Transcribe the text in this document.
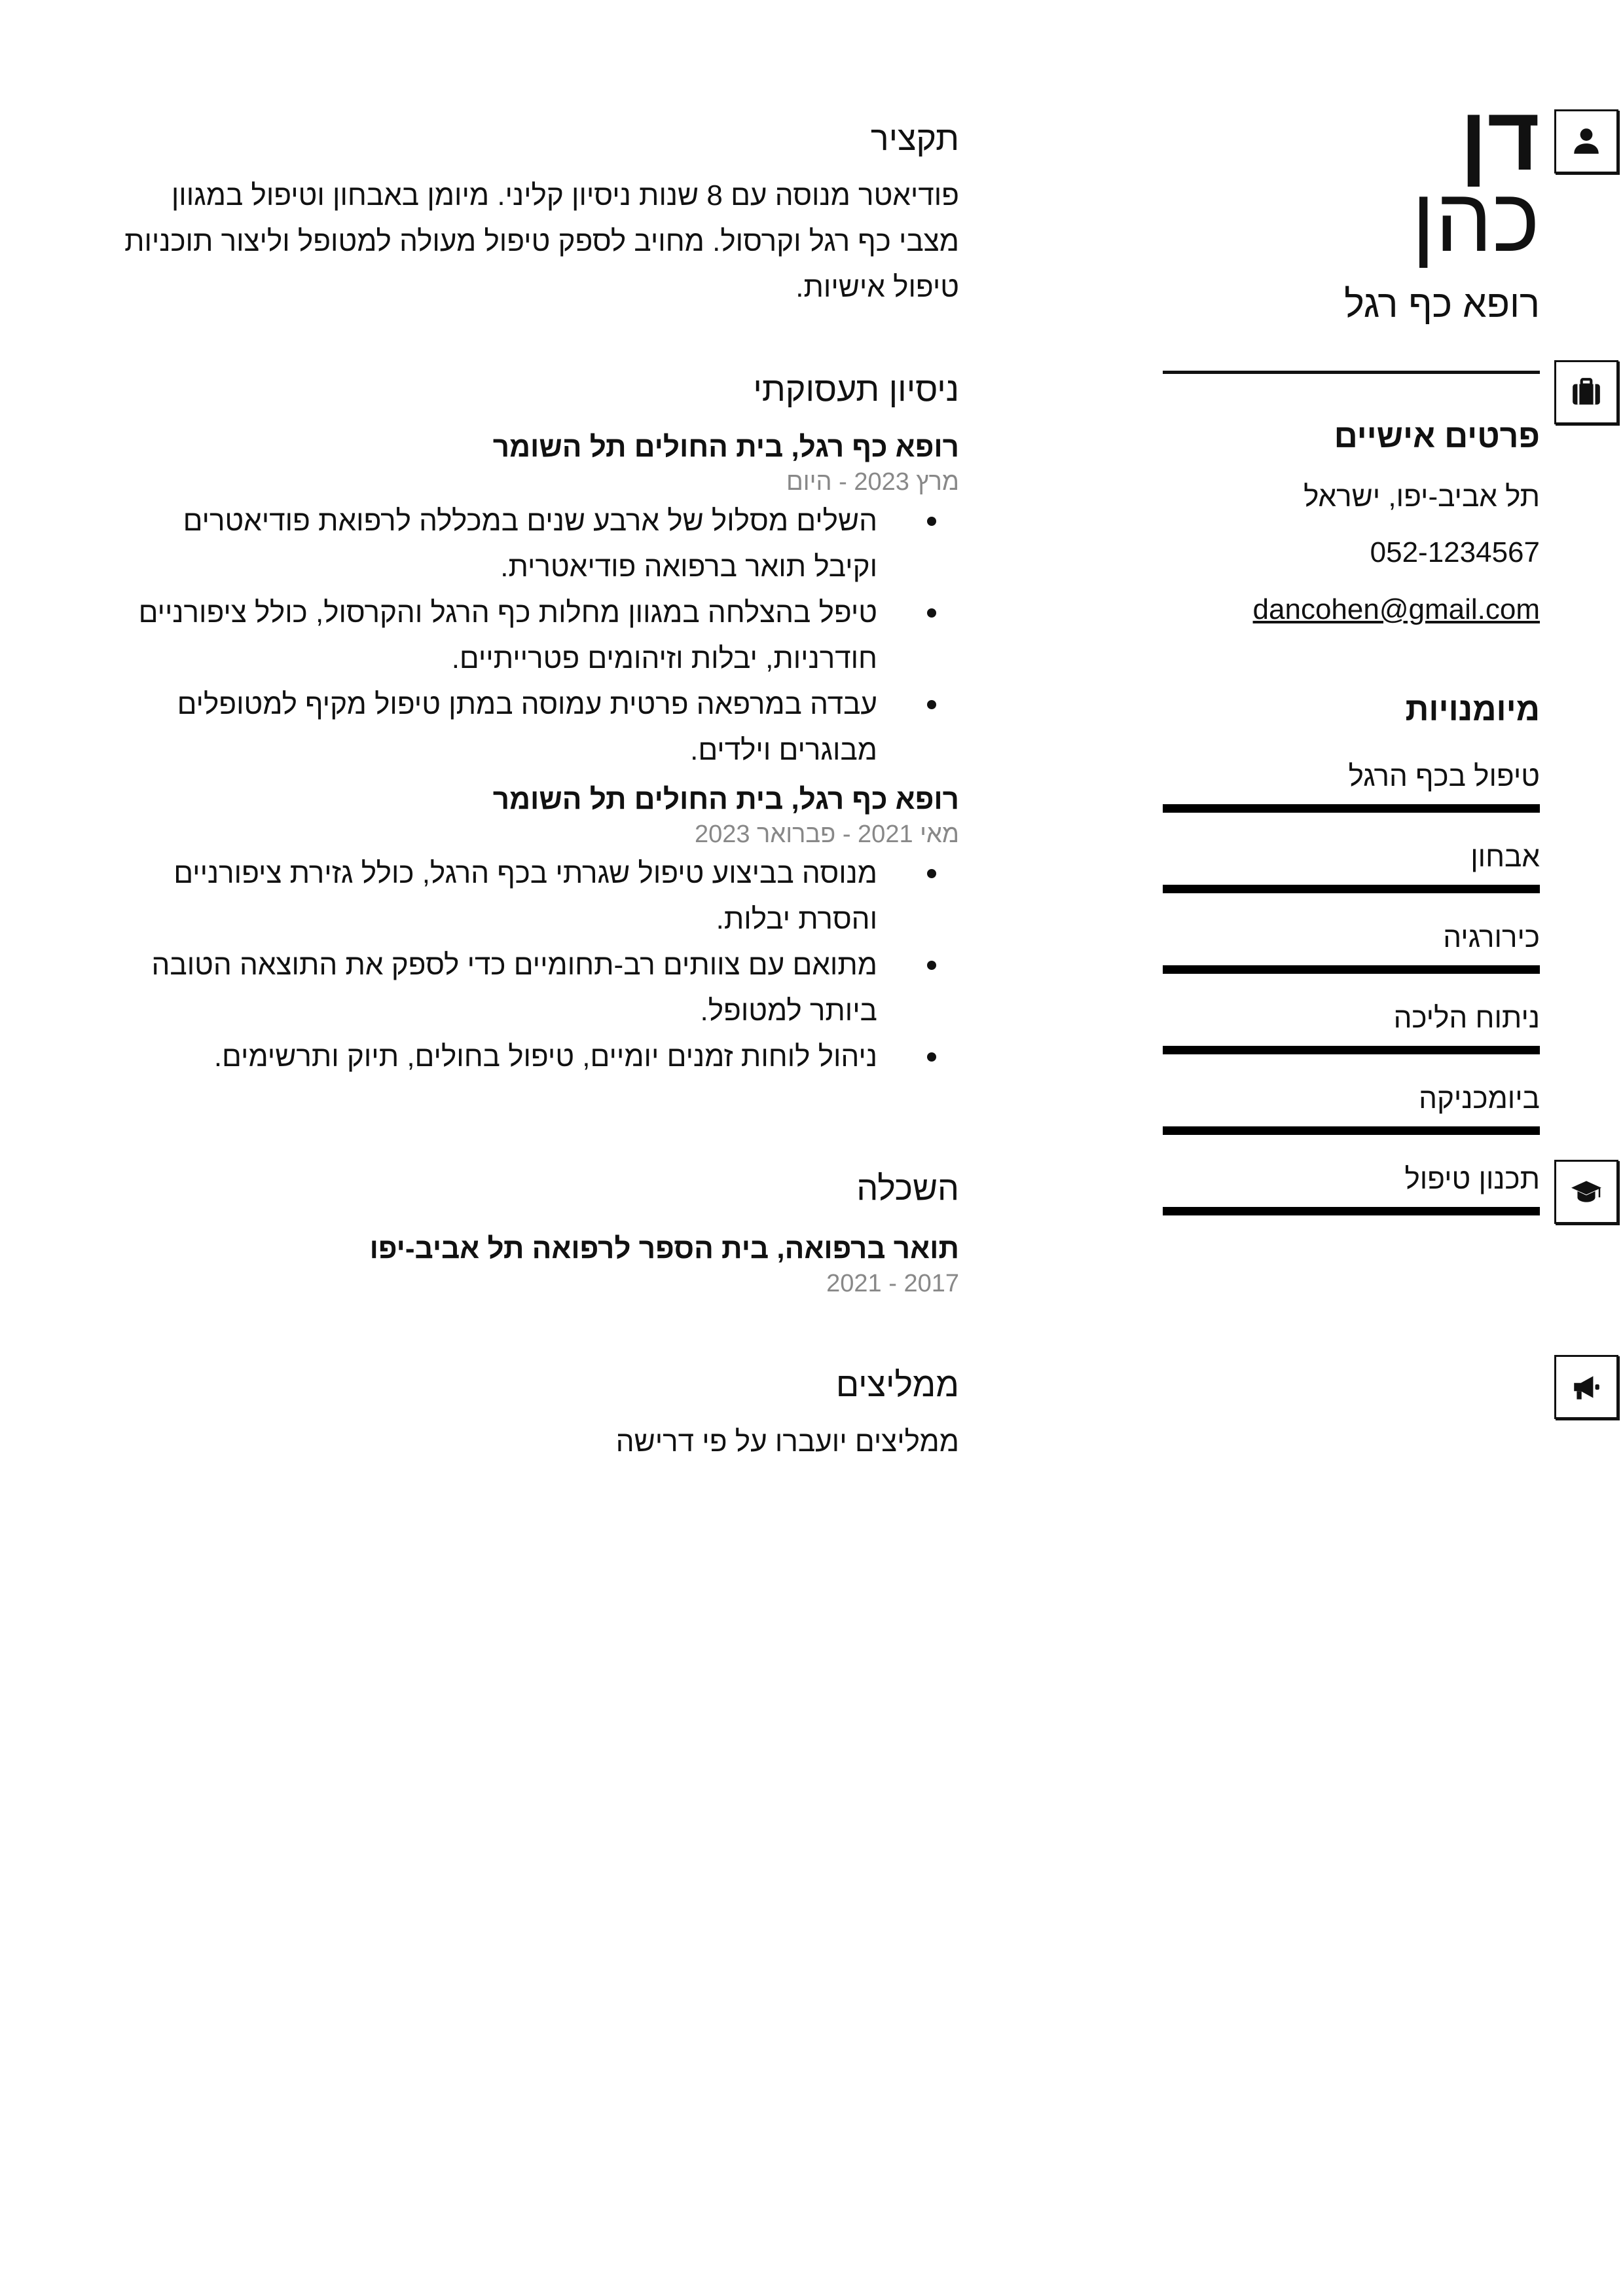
דן
כהן
רופא כף רגל
פרטים אישיים
תל אביב-יפו, ישראל
052-1234567
dancohen@gmail.com
מיומנויות
טיפול בכף הרגל
אבחון
כירורגיה
ניתוח הליכה
ביומכניקה
תכנון טיפול
תקציר
פודיאטר מנוסה עם 8 שנות ניסיון קליני. מיומן באבחון וטיפול במגוון מצבי כף רגל וקרסול. מחויב לספק טיפול מעולה למטופל וליצור תוכניות טיפול אישיות.
ניסיון תעסוקתי
רופא כף רגל, בית החולים תל השומר
מרץ 2023 - היום
השלים מסלול של ארבע שנים במכללה לרפואת פודיאטרים וקיבל תואר ברפואה פודיאטרית.
טיפל בהצלחה במגוון מחלות כף הרגל והקרסול, כולל ציפורניים חודרניות, יבלות וזיהומים פטרייתיים.
עבדה במרפאה פרטית עמוסה במתן טיפול מקיף למטופלים מבוגרים וילדים.
רופא כף רגל, בית החולים תל השומר
מאי 2021 - פברואר 2023
מנוסה בביצוע טיפול שגרתי בכף הרגל, כולל גזירת ציפורניים והסרת יבלות.
מתואם עם צוותים רב-תחומיים כדי לספק את התוצאה הטובה ביותר למטופל.
ניהול לוחות זמנים יומיים, טיפול בחולים, תיוק ותרשימים.
השכלה
תואר ברפואה, בית הספר לרפואה תל אביב-יפו
2017 - 2021
ממליצים
ממליצים יועברו על פי דרישה
